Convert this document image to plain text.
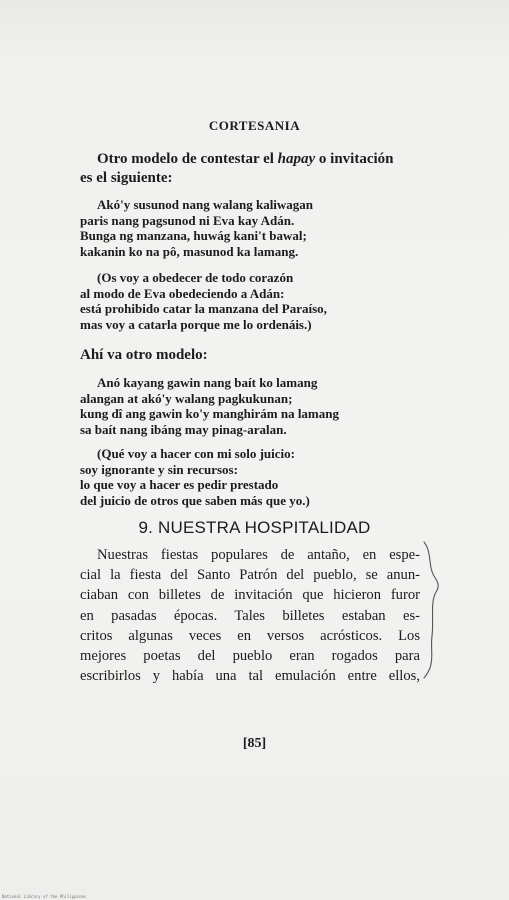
CORTESANIA

Otro modelo de contestar el hapay o invitación

es el siguiente:

Akó'y susunod nang walang kaliwagan
paris nang pagsunod ni Eva kay Adán.
Bunga ng manzana, huwág kani't bawal;
kakanin ko na pô, masunod ka lamang.
(Os voy a obedecer de todo corazón
al modo de Eva obedeciendo a Adán:
está prohibido catar la manzana del Paraíso,
mas voy a catarla porque me lo ordenáis.)

Ahí va otro modelo:

Anó kayang gawin nang baít ko lamang
alangan at akó'y walang pagkukunan;
kung dî ang gawin ko'y manghirám na lamang
sa baít nang ibáng may pinag-aralan.
(Qué voy a hacer con mi solo juicio:
soy ignorante y sin recursos:
lo que voy a hacer es pedir prestado
del juicio de otros que saben más que yo.)
9. NUESTRA HOSPITALIDAD
Nuestras fiestas populares de antaño, en espe-
cial la fiesta del Santo Patrón del pueblo, se anun-
ciaban con billetes de invitación que hicieron furor
en pasadas épocas. Tales billetes estaban es-
critos algunas veces en versos acrósticos. Los
mejores poetas del pueblo eran rogados para
escribirlos y había una tal emulación entre ellos,
[85]
National Library of the Philippines
